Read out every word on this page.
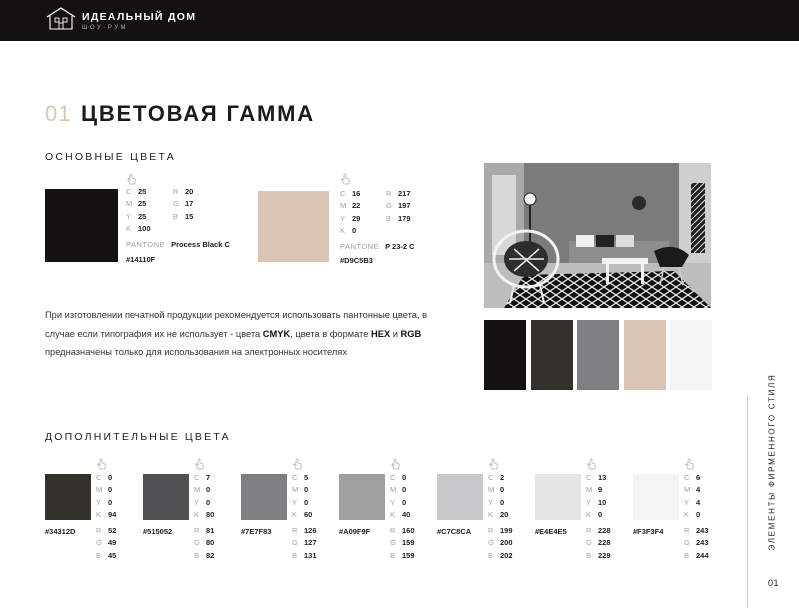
ИДЕАЛЬНЫЙ ДОМ
ШОУ-РУМ
01 ЦВЕТОВАЯ ГАММА
ОСНОВНЫЕ ЦВЕТА
C 25
M 25
Y 25
K 100
R 20
G 17
B 15
PANTONE Process Black C
#14110F
C 16
M 22
Y 29
K 0
R 217
G 197
B 179
PANTONE P 23-2 C
#D9C5B3
При изготовлении печатной продукции рекомендуется использовать пантонные цвета, в случае если типография их не использует - цвета CMYK, цвета в формате HEX и RGB предназначены только для использования на электронных носителях
ДОПОЛНИТЕЛЬНЫЕ ЦВЕТА
C 0
M 0
Y 0
K 94
#34312D	R 52
G 49
B 45
C 7
M 0
Y 0
K 80
#515052	R 81
G 80
B 82
C 5
M 0
Y 0
K 60
#7E7F83	R 126
G 127
B 131
C 0
M 0
Y 0
K 40
#A09F9F	R 160
G 159
B 159
C 2
M 0
Y 0
K 20
#C7C8CA R 199
G 200
B 202
C 13
M 9
Y 10
K 0
#E4E4E5	R 228
G 228
B 229
C 6
M 4
Y 4
K 0
#F3F3F4	R 243
G 243
B 244
ЭЛЕМЕНТЫ ФИРМЕННОГО СТИЛЯ
01
